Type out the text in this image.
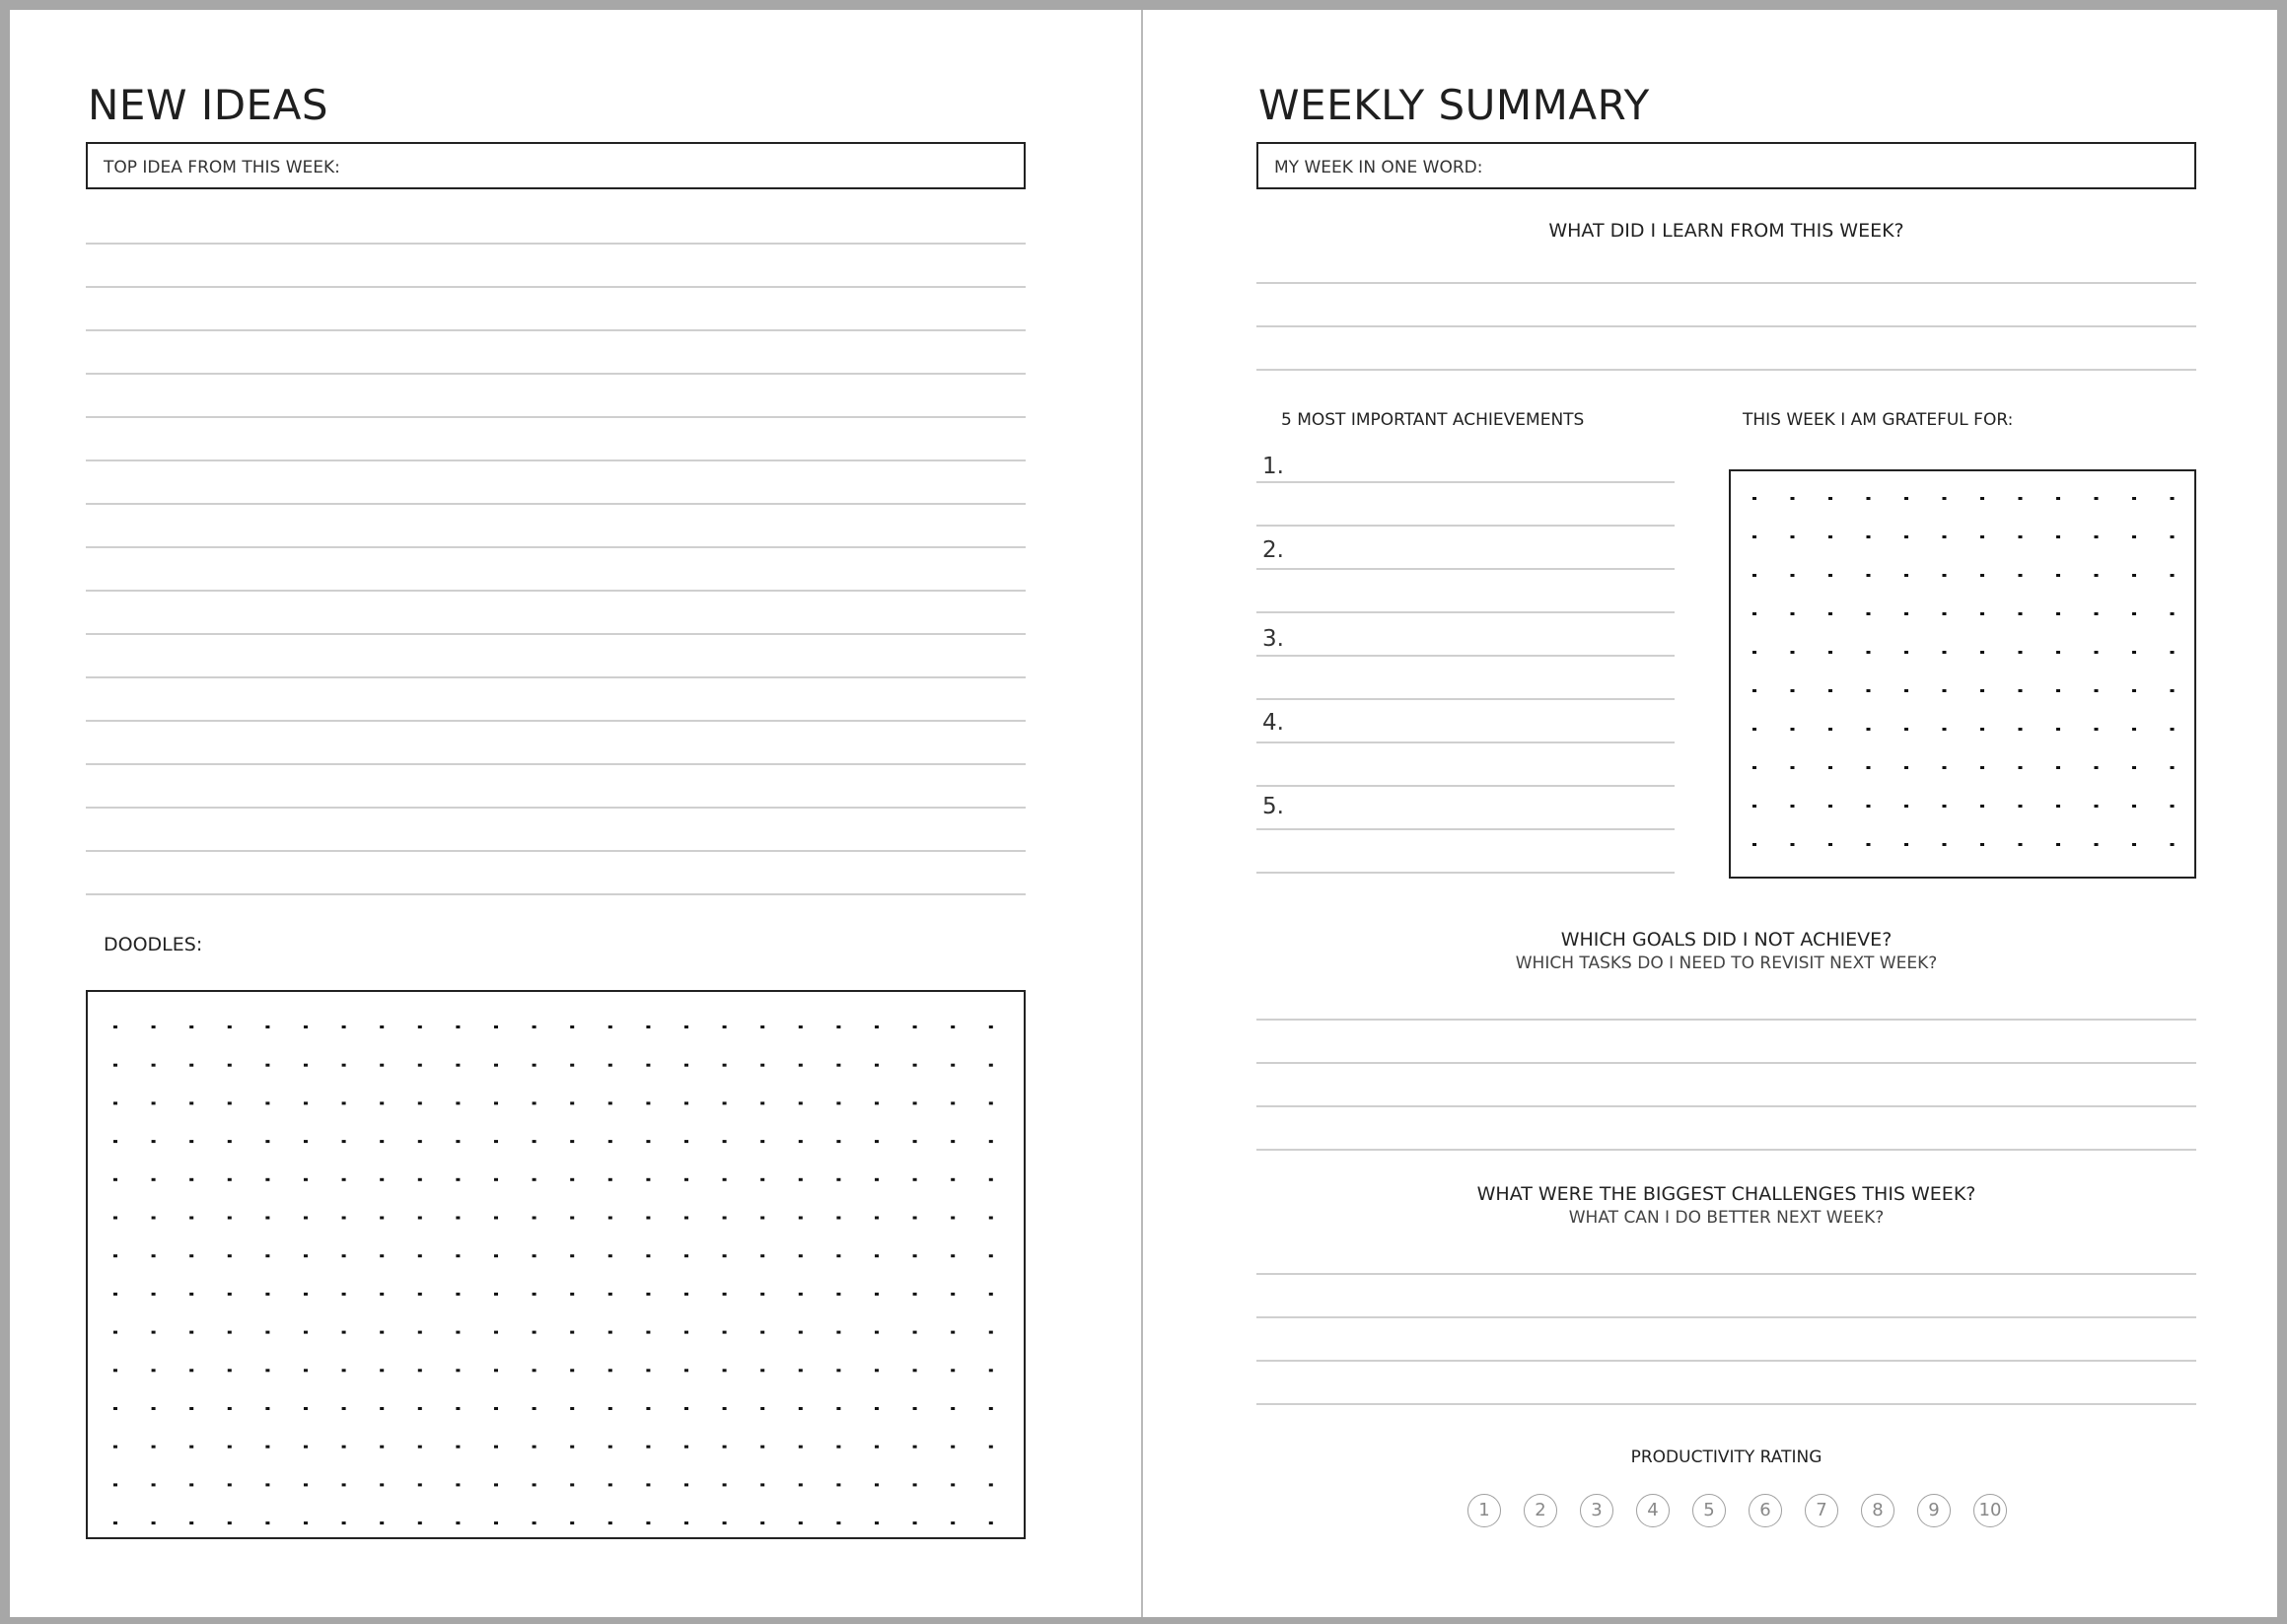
NEW IDEAS
TOP IDEA FROM THIS WEEK:
DOODLES:
WEEKLY SUMMARY
MY WEEK IN ONE WORD:
WHAT DID I LEARN FROM THIS WEEK?
5 MOST IMPORTANT ACHIEVEMENTS
1.
2.
3.
4.
5.
THIS WEEK I AM GRATEFUL FOR:
WHICH GOALS DID I NOT ACHIEVE?
WHICH TASKS DO I NEED TO REVISIT NEXT WEEK?
WHAT WERE THE BIGGEST CHALLENGES THIS WEEK?
WHAT CAN I DO BETTER NEXT WEEK?
PRODUCTIVITY RATING
1	2	3	4	5	6	7	8	9	10
